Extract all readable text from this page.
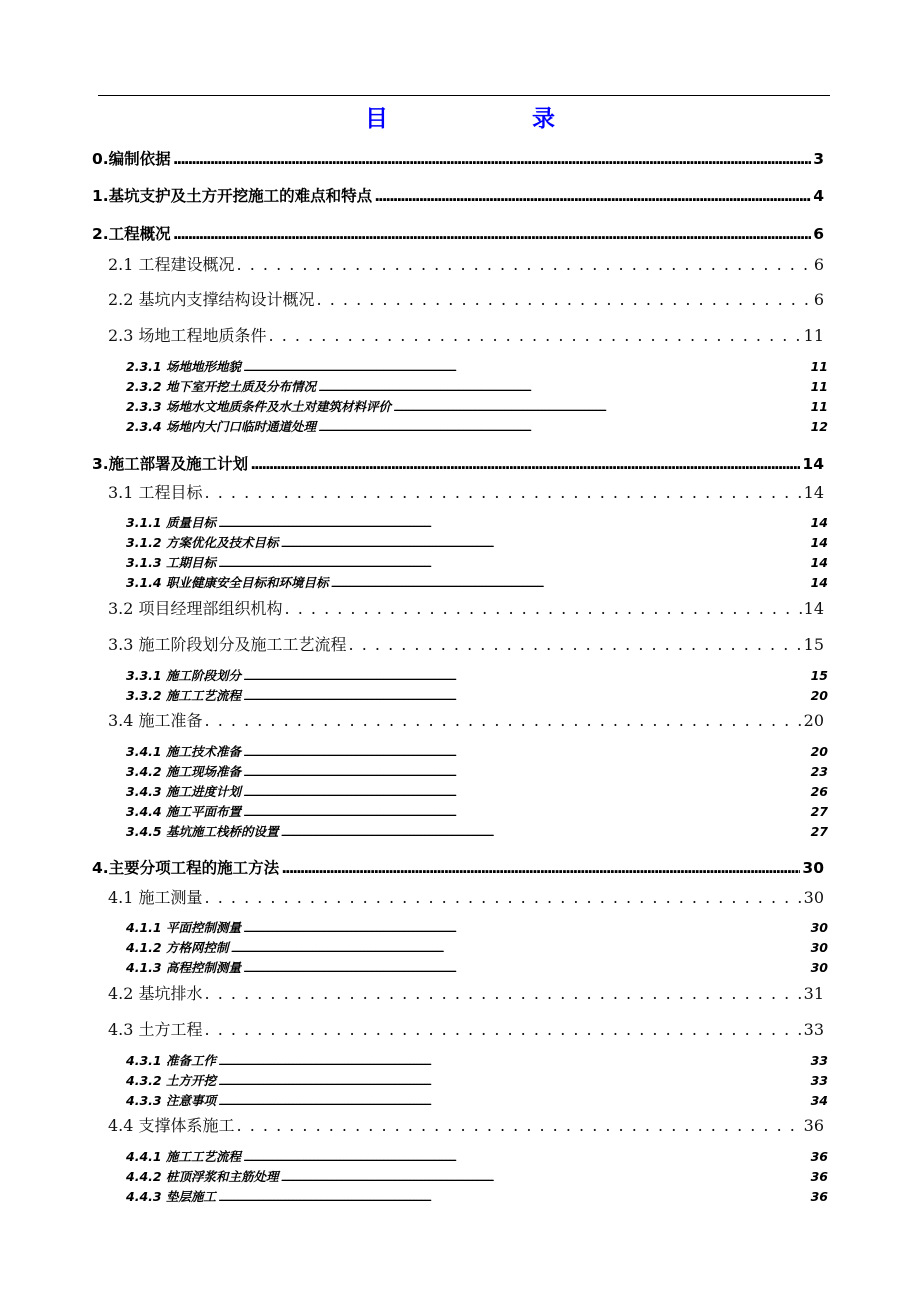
目 录
0.编制依据 .....	3
1.基坑支护及土方开挖施工的难点和特点 .....	4
2.工程概况 .....	6
2.1 工程建设概况 . . .	6
2.2 基坑内支撑结构设计概况 . . .	6
2.3 场地工程地质条件 . . .	11
2.3.1 场地地形地貌 .....	11
2.3.2 地下室开挖土质及分布情况 .....	11
2.3.3 场地水文地质条件及水土对建筑材料评价 .....	11
2.3.4 场地内大门口临时通道处理 .....	12
3.施工部署及施工计划 .....	14
3.1 工程目标 . . .	14
3.1.1 质量目标 .....	14
3.1.2 方案优化及技术目标 .....	14
3.1.3 工期目标 .....	14
3.1.4 职业健康安全目标和环境目标 .....	14
3.2 项目经理部组织机构 . . .	14
3.3 施工阶段划分及施工工艺流程 . . .	15
3.3.1 施工阶段划分 .....	15
3.3.2 施工工艺流程 .....	20
3.4 施工准备 . . .	20
3.4.1 施工技术准备 .....	20
3.4.2 施工现场准备 .....	23
3.4.3 施工进度计划 .....	26
3.4.4 施工平面布置 .....	27
3.4.5 基坑施工栈桥的设置 .....	27
4.主要分项工程的施工方法 .....	30
4.1 施工测量 . . .	30
4.1.1 平面控制测量 .....	30
4.1.2 方格网控制 .....	30
4.1.3 高程控制测量 .....	30
4.2 基坑排水 . . .	31
4.3 土方工程 . . .	33
4.3.1 准备工作 .....	33
4.3.2 土方开挖 .....	33
4.3.3 注意事项 .....	34
4.4 支撑体系施工 . . .	36
4.4.1 施工工艺流程 .....	36
4.4.2 桩顶浮浆和主筋处理 .....	36
4.4.3 垫层施工 .....	36
